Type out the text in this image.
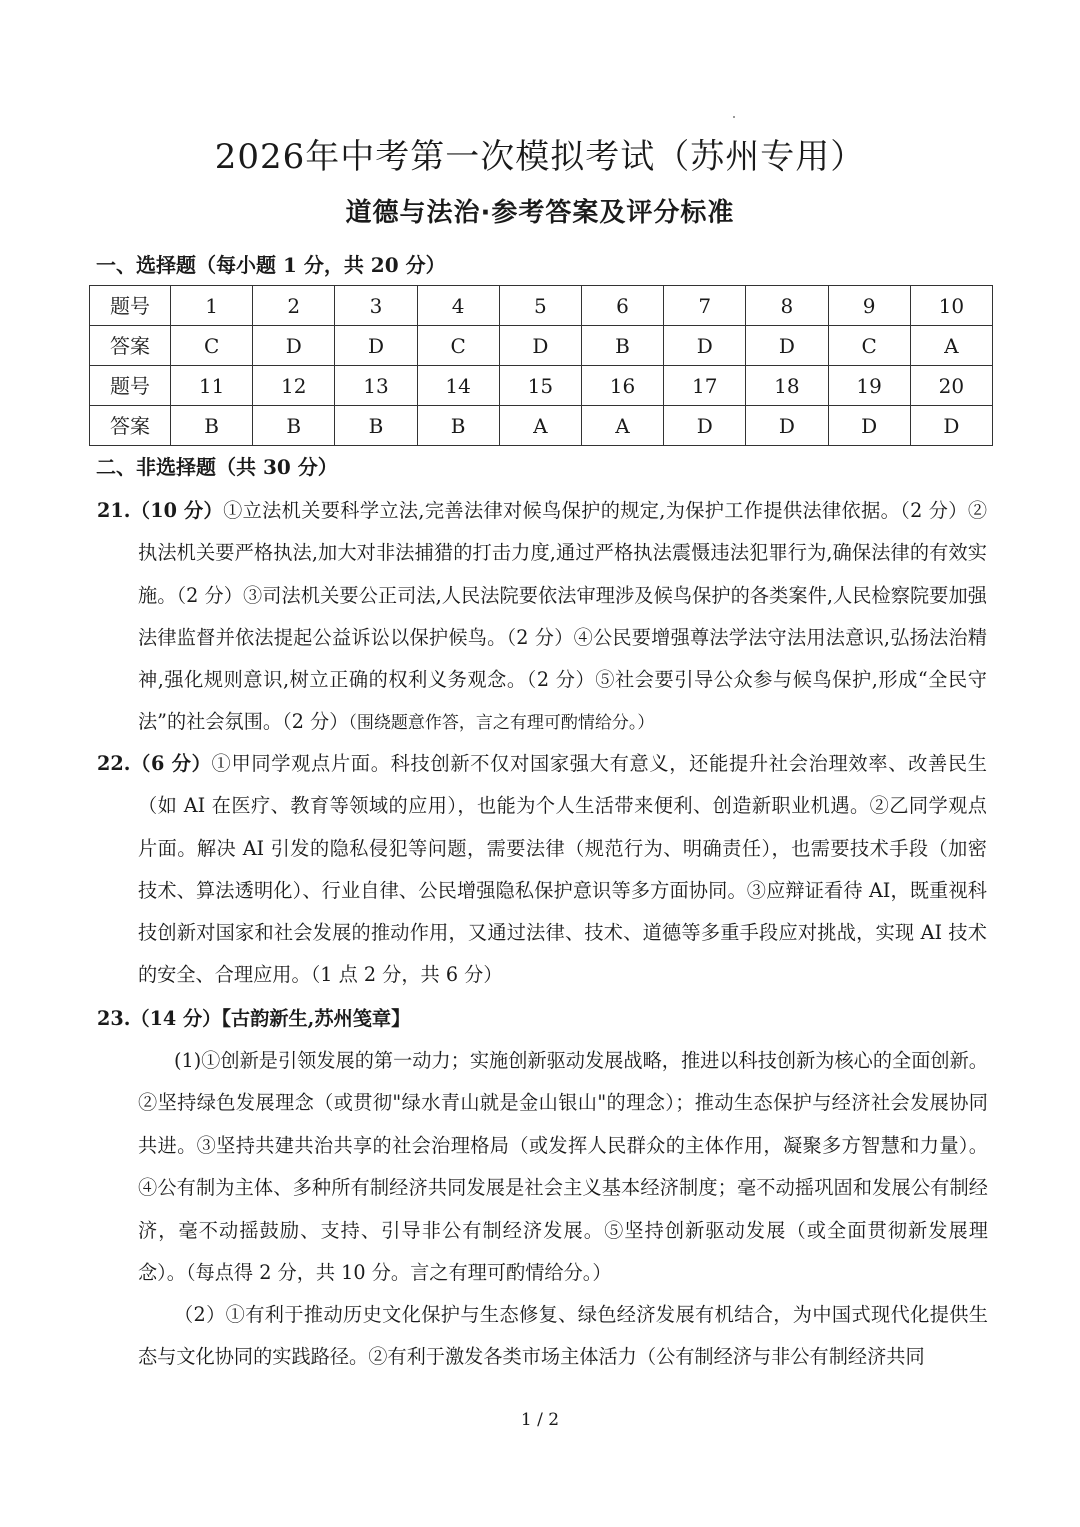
2026年中考第一次模拟考试（苏州专用）
道德与法治·参考答案及评分标准
一、选择题（每小题 1 分，共 20 分）
题号	1	2	3	4	5	6	7	8	9	10
答案	C	D	D	C	D	B	D	D	C	A
题号	11	12	13	14	15	16	17	18	19	20
答案	B	B	B	B	A	A	D	D	D	D
二、非选择题（共 30 分）
21.（10 分）①立法机关要科学立法,完善法律对候鸟保护的规定,为保护工作提供法律依据。（2 分）②执法机关要严格执法,加大对非法捕猎的打击力度,通过严格执法震慑违法犯罪行为,确保法律的有效实施。（2 分）③司法机关要公正司法,人民法院要依法审理涉及候鸟保护的各类案件,人民检察院要加强法律监督并依法提起公益诉讼以保护候鸟。（2 分）④公民要增强尊法学法守法用法意识,弘扬法治精神,强化规则意识,树立正确的权利义务观念。（2 分）⑤社会要引导公众参与候鸟保护,形成“全民守法”的社会氛围。（2 分）（围绕题意作答，言之有理可酌情给分。）
22.（6 分）①甲同学观点片面。科技创新不仅对国家强大有意义，还能提升社会治理效率、改善民生（如 AI 在医疗、教育等领域的应用），也能为个人生活带来便利、创造新职业机遇。②乙同学观点片面。解决 AI 引发的隐私侵犯等问题，需要法律（规范行为、明确责任），也需要技术手段（加密技术、算法透明化）、行业自律、公民增强隐私保护意识等多方面协同。③应辩证看待 AI，既重视科技创新对国家和社会发展的推动作用，又通过法律、技术、道德等多重手段应对挑战，实现 AI 技术的安全、合理应用。（1 点 2 分，共 6 分）
23.（14 分）【古韵新生,苏州笺章】
(1)①创新是引领发展的第一动力；实施创新驱动发展战略，推进以科技创新为核心的全面创新。②坚持绿色发展理念（或贯彻"绿水青山就是金山银山"的理念）；推动生态保护与经济社会发展协同共进。③坚持共建共治共享的社会治理格局（或发挥人民群众的主体作用，凝聚多方智慧和力量）。④公有制为主体、多种所有制经济共同发展是社会主义基本经济制度；毫不动摇巩固和发展公有制经济，毫不动摇鼓励、支持、引导非公有制经济发展。⑤坚持创新驱动发展（或全面贯彻新发展理念）。（每点得 2 分，共 10 分。言之有理可酌情给分。）
（2）①有利于推动历史文化保护与生态修复、绿色经济发展有机结合，为中国式现代化提供生态与文化协同的实践路径。②有利于激发各类市场主体活力（公有制经济与非公有制经济共同
1 / 2
